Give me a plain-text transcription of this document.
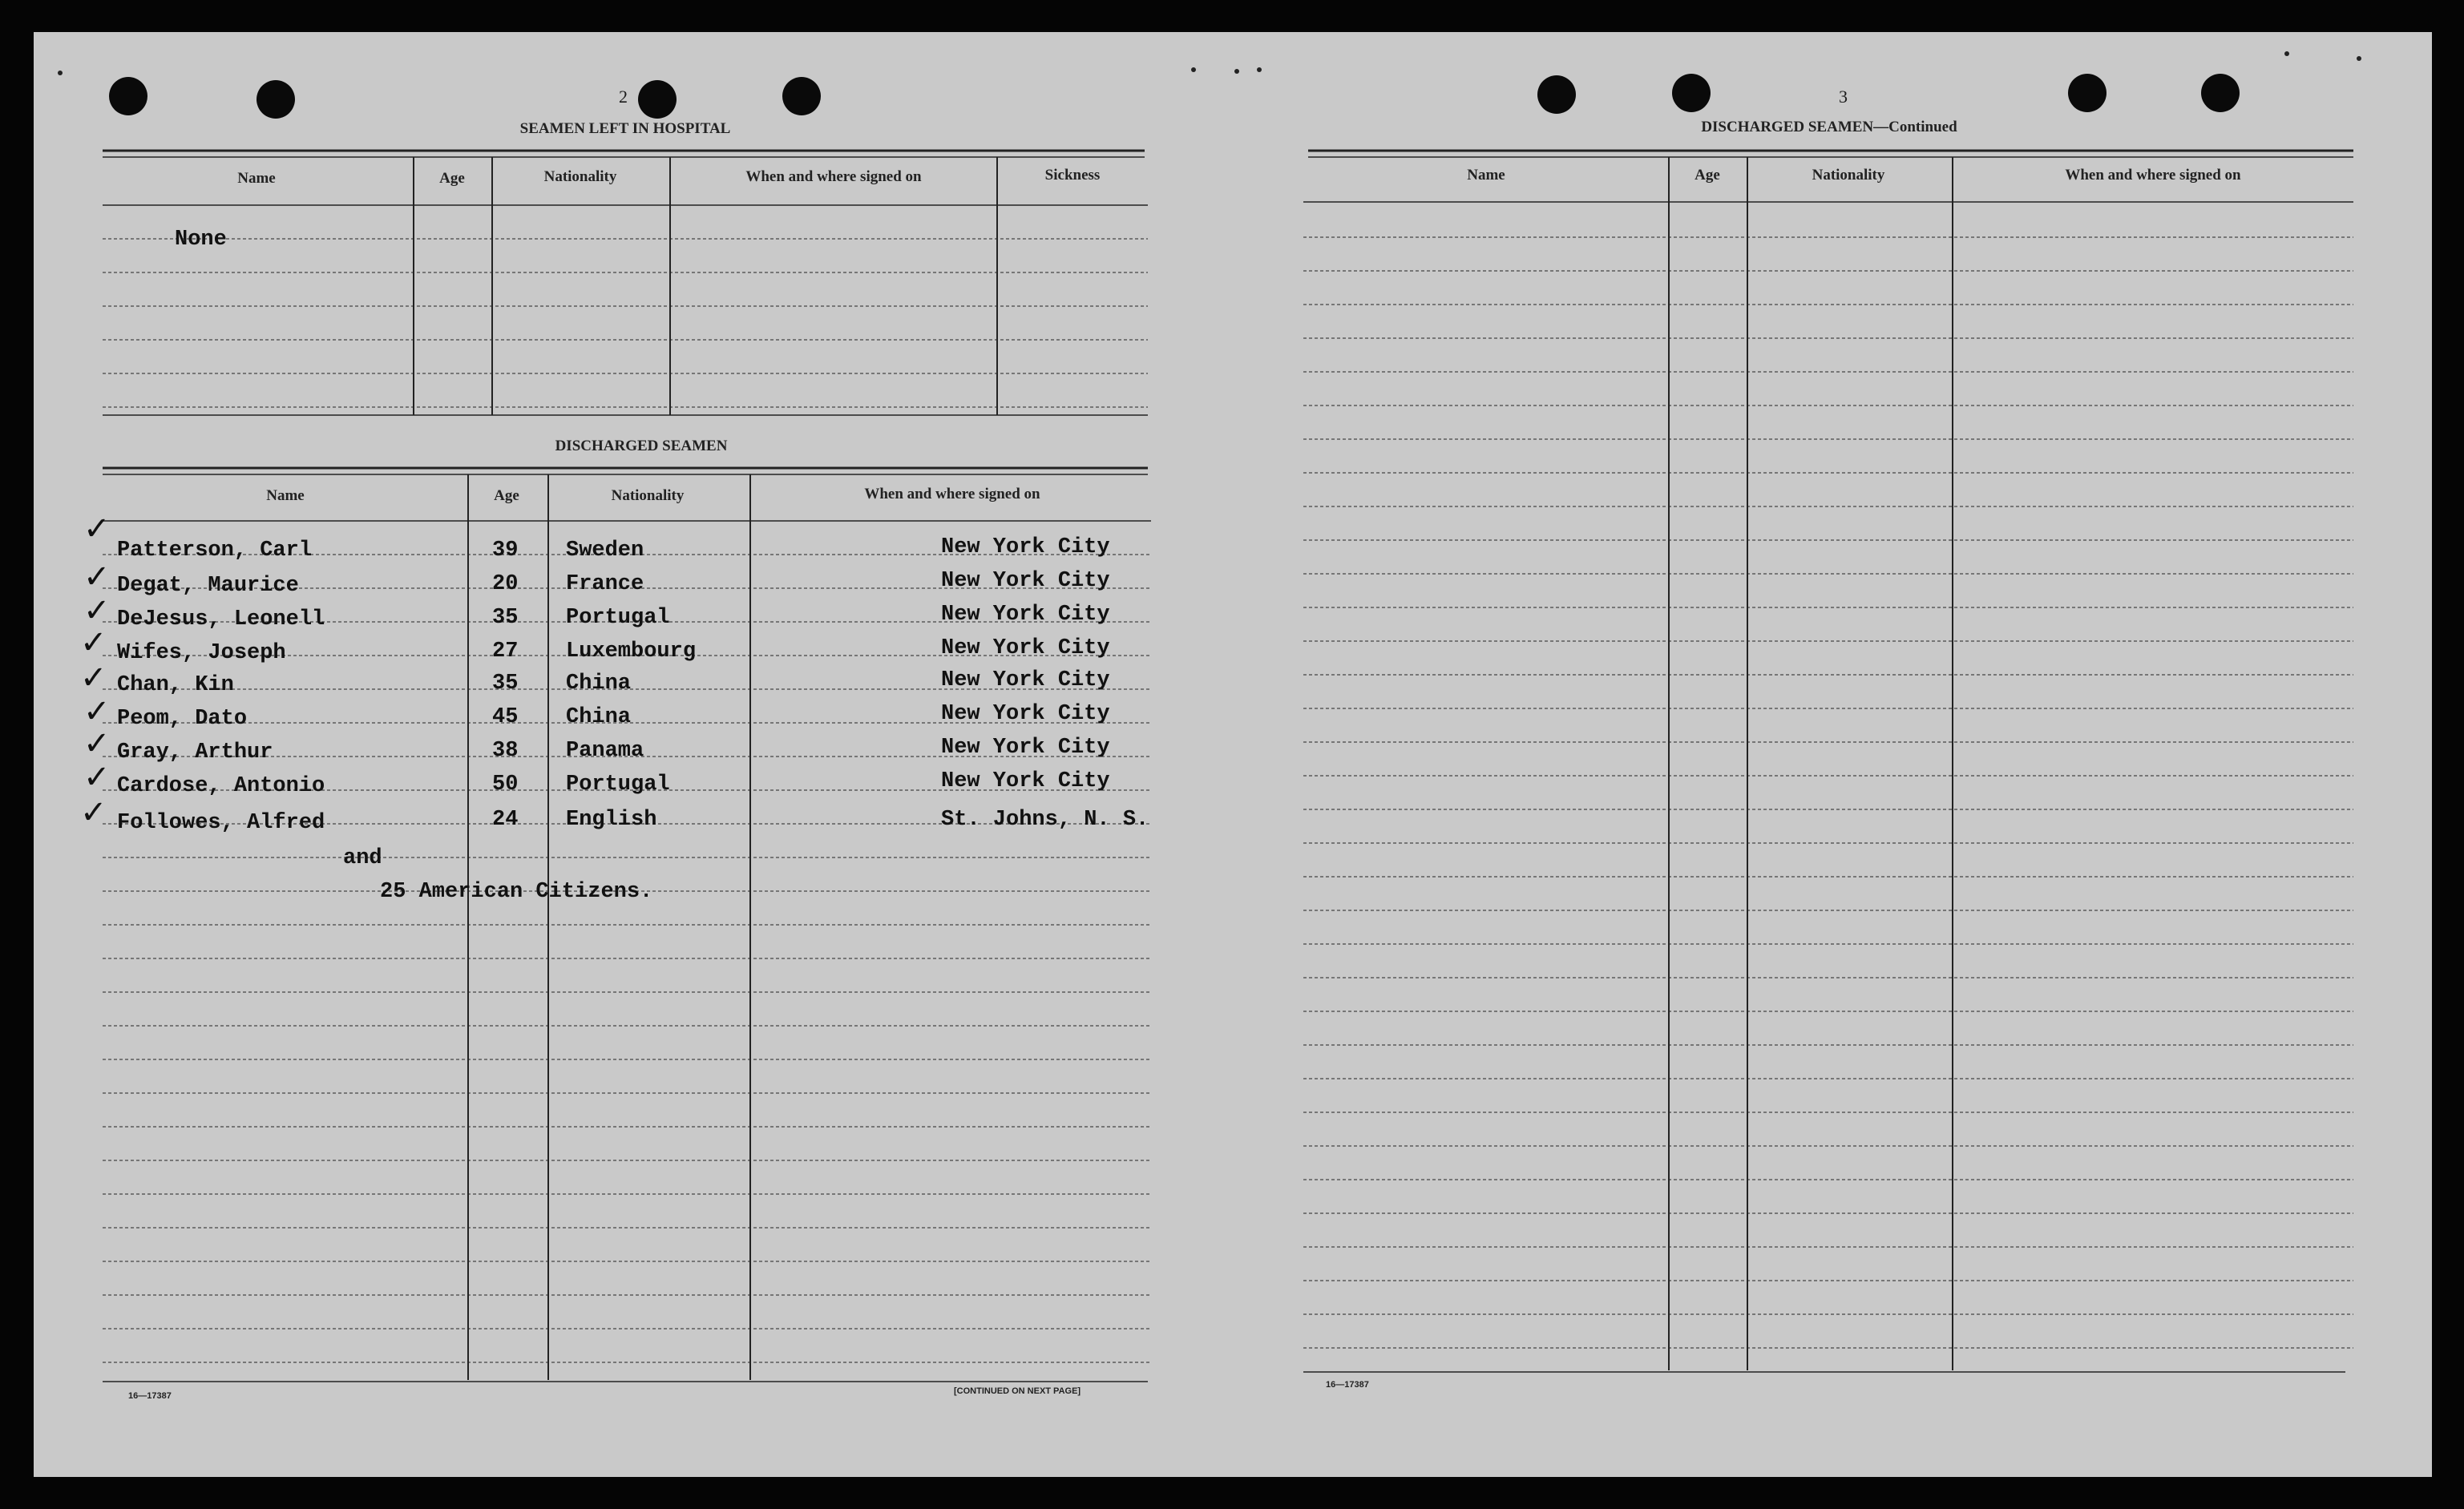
2
SEAMEN LEFT IN HOSPITAL
Name	Age	Nationality	When and where signed on	Sickness
None
DISCHARGED SEAMEN
Name	Age	Nationality	When and where signed on
✓
Patterson, Carl	39 Sweden	New York City
✓ Degat, Maurice	20 France	New York City
✓ DeJesus, Leonell	35 Portugal	New York City
✓ Wifes, Joseph	27 Luxembourg	New York City
✓ Chan, Kin	35 China	New York City
✓ Peom, Dato	45 China	New York City
✓ Gray, Arthur	38 Panama	New York City
✓ Cardose, Antonio	50 Portugal	New York City
✓ Followes, Alfred	24 English	St. Johns, N. S.
and
25 American Citizens.
16—17387	[CONTINUED ON NEXT PAGE]
3
DISCHARGED SEAMEN—Continued
Name	Age	Nationality	When and where signed on
16—17387
